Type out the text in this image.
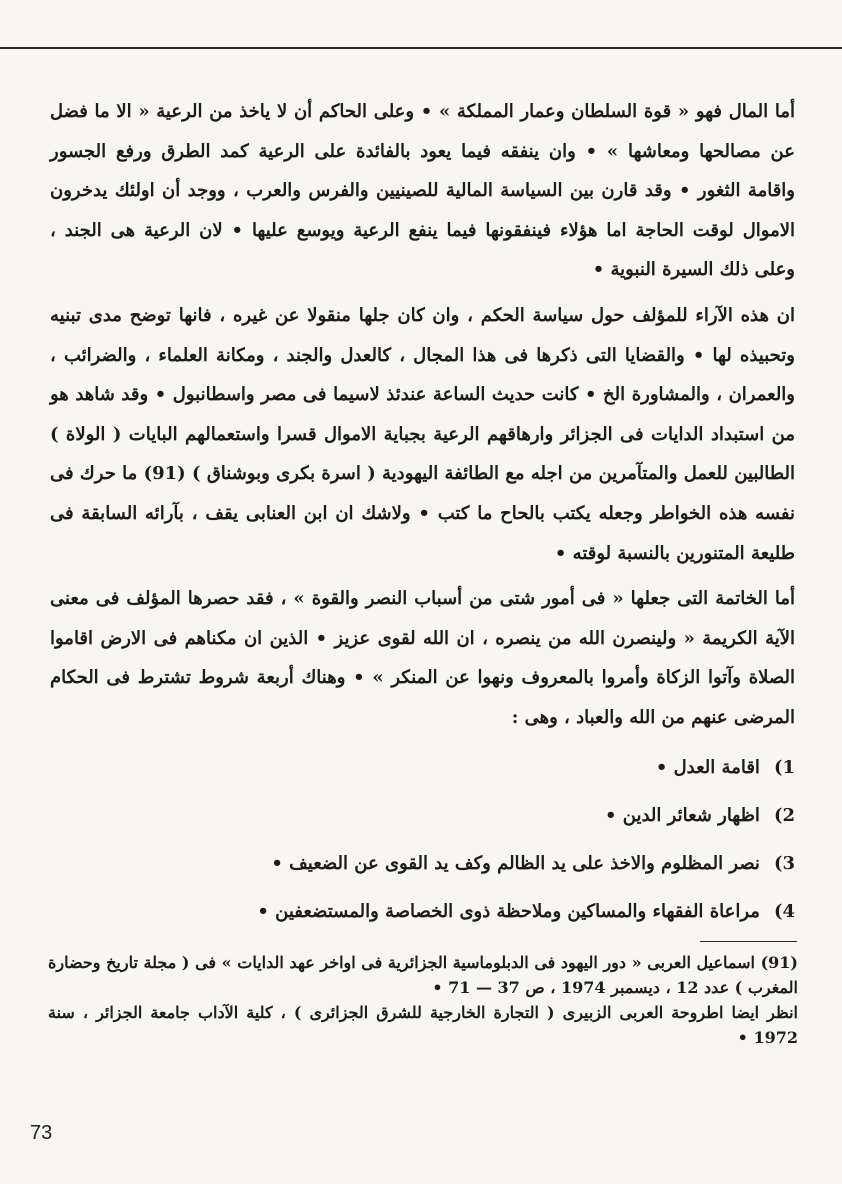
أما المال فهو « قوة السلطان وعمار المملكة » • وعلى الحاكم أن لا ياخذ من الرعية « الا ما فضل عن مصالحها ومعاشها » • وان ينفقه فيما يعود بالفائدة على الرعية كمد الطرق ورفع الجسور واقامة الثغور • وقد قارن بين السياسة المالية للصينيين والفرس والعرب ، ووجد أن اولئك يدخرون الاموال لوقت الحاجة اما هؤلاء فينفقونها فيما ينفع الرعية ويوسع عليها • لان الرعية هى الجند ، وعلى ذلك السيرة النبوية •

ان هذه الآراء للمؤلف حول سياسة الحكم ، وان كان جلها منقولا عن غيره ، فانها توضح مدى تبنيه وتحبيذه لها • والقضايا التى ذكرها فى هذا المجال ، كالعدل والجند ، ومكانة العلماء ، والضرائب ، والعمران ، والمشاورة الخ • كانت حديث الساعة عندئذ لاسيما فى مصر واسطانبول • وقد شاهد هو من استبداد الدايات فى الجزائر وارهاقهم الرعية بجباية الاموال قسرا واستعمالهم البايات ( الولاة ) الطالبين للعمل والمتآمرين من اجله مع الطائفة اليهودية ( اسرة بكرى وبوشناق ) (91) ما حرك فى نفسه هذه الخواطر وجعله يكتب بالحاح ما كتب • ولاشك ان ابن العنابى يقف ، بآرائه السابقة فى طليعة المتنورين بالنسبة لوقته •

أما الخاتمة التى جعلها « فى أمور شتى من أسباب النصر والقوة » ، فقد حصرها المؤلف فى معنى الآية الكريمة « ولينصرن الله من ينصره ، ان الله لقوى عزيز • الذين ان مكناهم فى الارض اقاموا الصلاة وآتوا الزكاة وأمروا بالمعروف ونهوا عن المنكر » • وهناك أربعة شروط تشترط فى الحكام المرضى عنهم من الله والعباد ، وهى :

1)اقامة العدل •
2)اظهار شعائر الدين •
3)نصر المظلوم والاخذ على يد الظالم وكف يد القوى عن الضعيف •
4)مراعاة الفقهاء والمساكين وملاحظة ذوى الخصاصة والمستضعفين •

(91) اسماعيل العربى « دور اليهود فى الدبلوماسية الجزائرية فى اواخر عهد الدايات » فى ( مجلة تاريخ وحضارة المغرب ) عدد 12 ، ديسمبر 1974 ، ص 37 — 71 •

انظر ايضا اطروحة العربى الزبيرى ( التجارة الخارجية للشرق الجزائرى ) ، كلية الآداب جامعة الجزائر ، سنة 1972 •

73
